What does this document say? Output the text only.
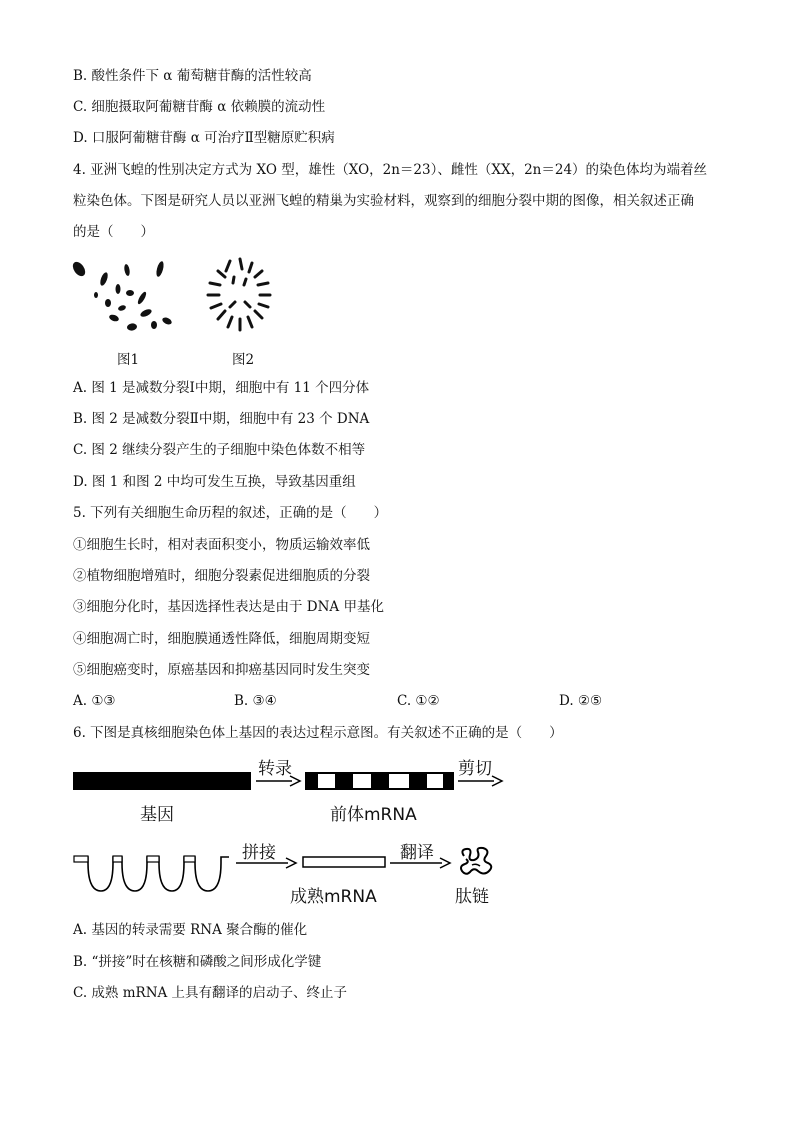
B. 酸性条件下 α 葡萄糖苷酶的活性较高
C. 细胞摄取阿葡糖苷酶 α 依赖膜的流动性
D. 口服阿葡糖苷酶 α 可治疗Ⅱ型糖原贮积病
4. 亚洲飞蝗的性别决定方式为 XO 型，雄性（XO，2n＝23）、雌性（XX，2n＝24）的染色体均为端着丝
粒染色体。下图是研究人员以亚洲飞蝗的精巢为实验材料，观察到的细胞分裂中期的图像，相关叙述正确
的是（　　）
图1	图2
A. 图 1 是减数分裂Ⅰ中期，细胞中有 11 个四分体
B. 图 2 是减数分裂Ⅱ中期，细胞中有 23 个 DNA
C. 图 2 继续分裂产生的子细胞中染色体数不相等
D. 图 1 和图 2 中均可发生互换，导致基因重组
5. 下列有关细胞生命历程的叙述，正确的是（　　）
①细胞生长时，相对表面积变小，物质运输效率低
②植物细胞增殖时，细胞分裂素促进细胞质的分裂
③细胞分化时，基因选择性表达是由于 DNA 甲基化
④细胞凋亡时，细胞膜通透性降低，细胞周期变短
⑤细胞癌变时，原癌基因和抑癌基因同时发生突变
A. ①③	B. ③④	C. ①②	D. ②⑤
6. 下图是真核细胞染色体上基因的表达过程示意图。有关叙述不正确的是（　　）
基因
转录
前体mRNA
剪切
拼接
成熟mRNA
翻译
肽链
A. 基因的转录需要 RNA 聚合酶的催化
B. “拼接”时在核糖和磷酸之间形成化学键
C. 成熟 mRNA 上具有翻译的启动子、终止子
